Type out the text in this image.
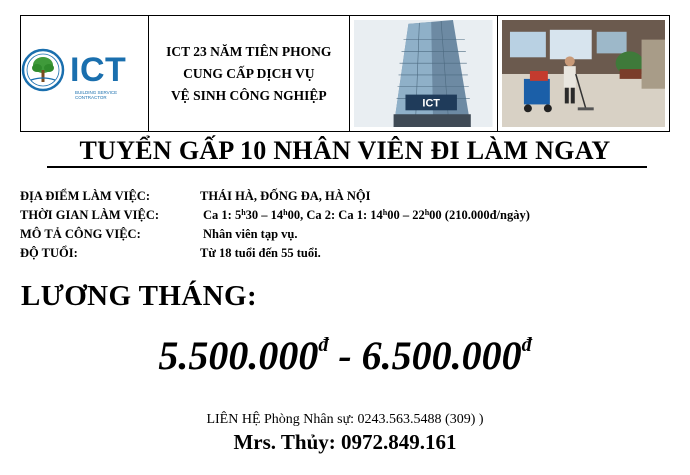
ICT
BUILDING SERVICE CONTRACTOR
ICT 23 NĂM TIÊN PHONG
CUNG CẤP DỊCH VỤ
VỆ SINH CÔNG NGHIỆP
ICT
TUYỂN GẤP 10 NHÂN VIÊN ĐI LÀM NGAY
ĐỊA ĐIỂM LÀM VIỆC:	THÁI HÀ, ĐỐNG ĐA, HÀ NỘI
THỜI GIAN LÀM VIỆC:	Ca 1: 5$^h$30 – 14$^h$00, Ca 2: Ca 1: 14$^h$00 – 22$^h$00 (210.000đ/ngày)
MÔ TẢ CÔNG VIỆC:	Nhân viên tạp vụ.
ĐỘ TUỔI:	Từ 18 tuổi đến 55 tuổi.
LƯƠNG THÁNG:
$5.500.000^đ - 6.500.000^đ$
LIÊN HỆ Phòng Nhân sự: 0243.563.5488 (309) )
Mrs. Thủy: 0972.849.161
